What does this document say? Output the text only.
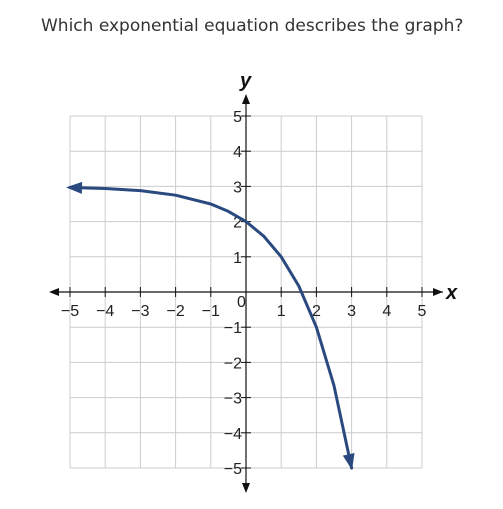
Which exponential equation describes the graph?
−5 −4 −3 −2 −1	1 2 3 4 5
5
4
3
2
1
−1
−2
−3
−4
−5
x
y
0
